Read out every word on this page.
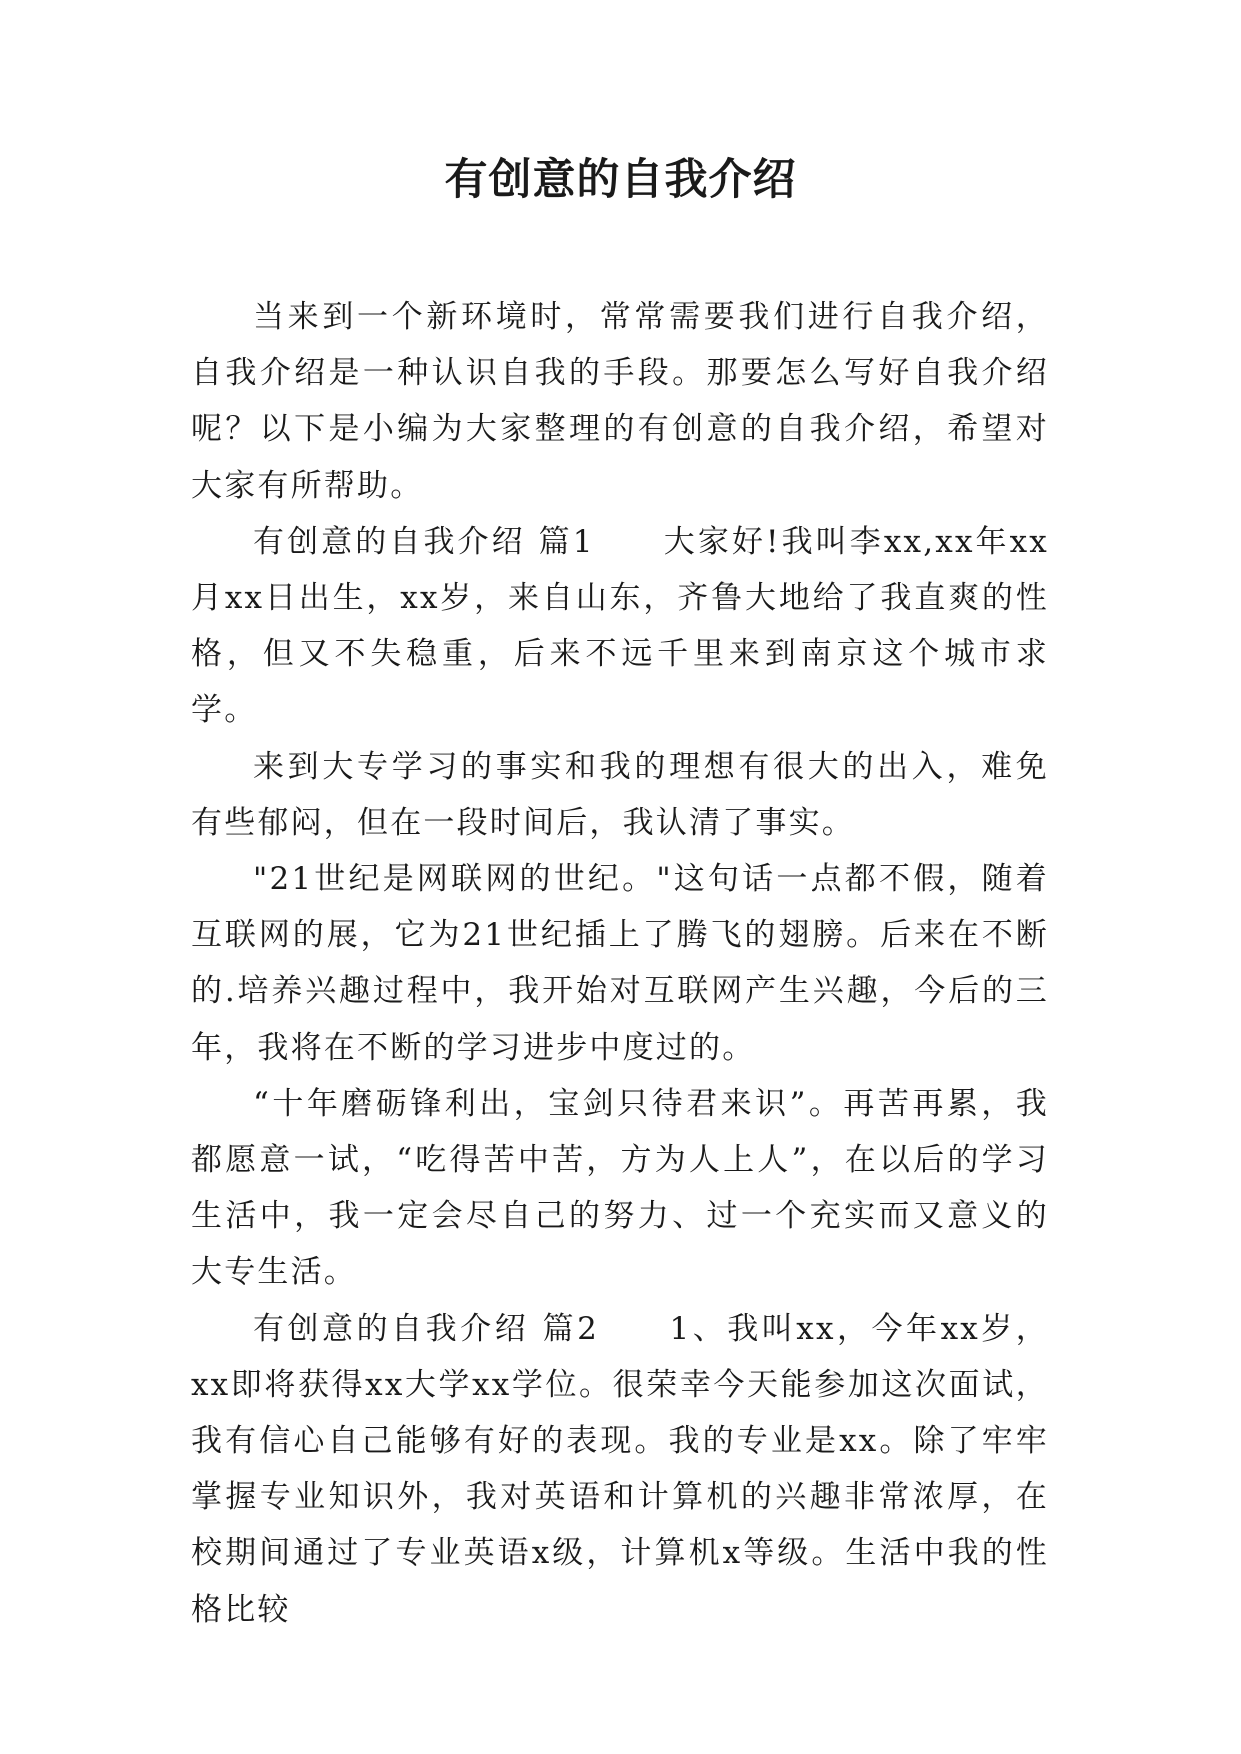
有创意的自我介绍

当来到一个新环境时，常常需要我们进行自我介绍，自我介绍是一种认识自我的手段。那要怎么写好自我介绍呢？以下是小编为大家整理的有创意的自我介绍，希望对大家有所帮助。

有创意的自我介绍 篇1　　大家好!我叫李xx,xx年xx月xx日出生，xx岁，来自山东，齐鲁大地给了我直爽的性格，但又不失稳重，后来不远千里来到南京这个城市求学。

来到大专学习的事实和我的理想有很大的出入，难免有些郁闷，但在一段时间后，我认清了事实。

"21世纪是网联网的世纪。"这句话一点都不假，随着互联网的展，它为21世纪插上了腾飞的翅膀。后来在不断的.培养兴趣过程中，我开始对互联网产生兴趣，今后的三年，我将在不断的学习进步中度过的。

“十年磨砺锋利出，宝剑只待君来识”。再苦再累，我都愿意一试，“吃得苦中苦，方为人上人”，在以后的学习生活中，我一定会尽自己的努力、过一个充实而又意义的大专生活。

有创意的自我介绍 篇2　　1、我叫xx，今年xx岁，xx即将获得xx大学xx学位。很荣幸今天能参加这次面试，我有信心自己能够有好的表现。我的专业是xx。除了牢牢掌握专业知识外，我对英语和计算机的兴趣非常浓厚，在校期间通过了专业英语x级，计算机x等级。生活中我的性格比较
